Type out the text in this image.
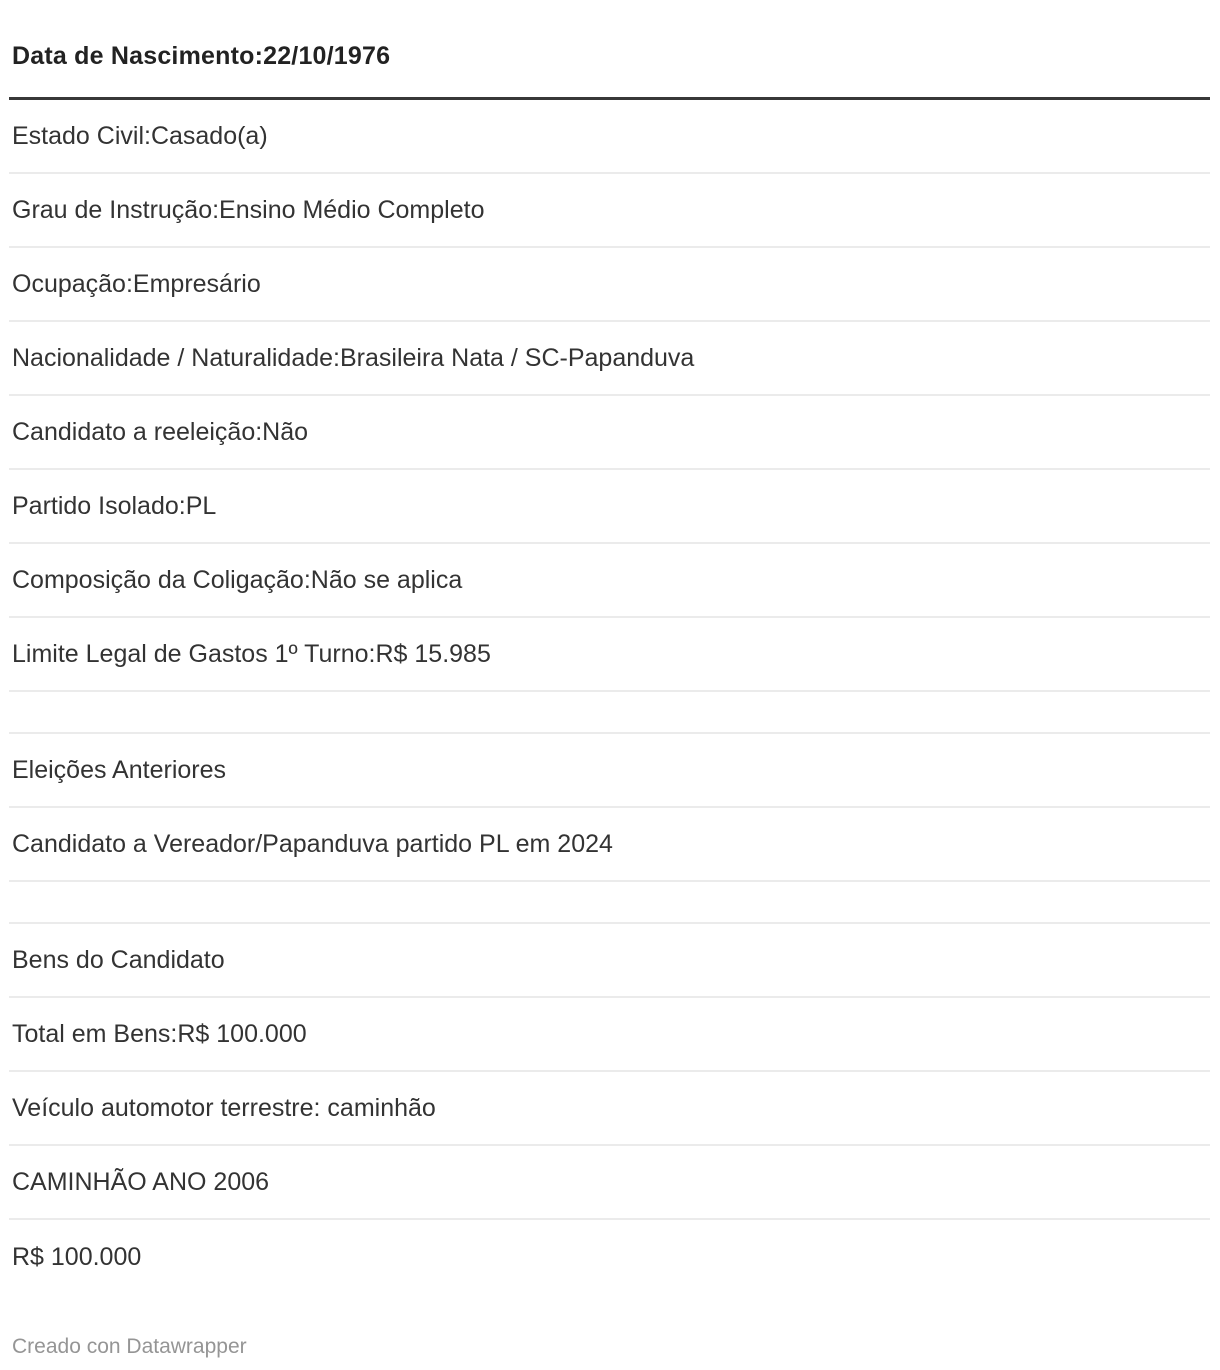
Data de Nascimento:22/10/1976
Estado Civil:Casado(a)
Grau de Instrução:Ensino Médio Completo
Ocupação:Empresário
Nacionalidade / Naturalidade:Brasileira Nata / SC-Papanduva
Candidato a reeleição:Não
Partido Isolado:PL
Composição da Coligação:Não se aplica
Limite Legal de Gastos 1º Turno:R$ 15.985
Eleições Anteriores
Candidato a Vereador/Papanduva partido PL em 2024
Bens do Candidato
Total em Bens:R$ 100.000
Veículo automotor terrestre: caminhão
CAMINHÃO ANO 2006
R$ 100.000
Creado con Datawrapper
